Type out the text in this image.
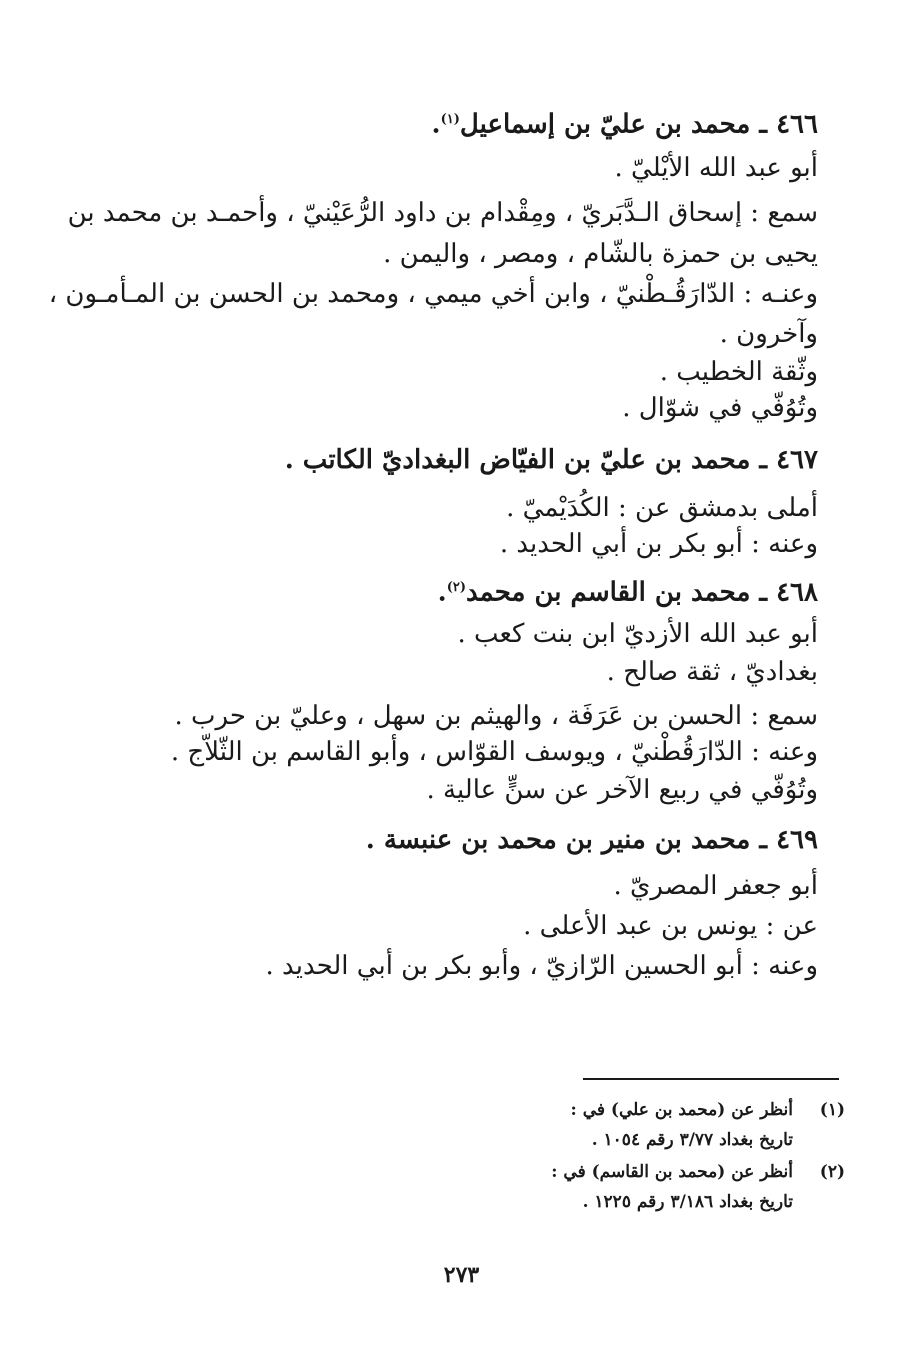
٤٦٦ ـ محمد بن عليّ بن إسماعيل$^{(١)}$.
أبو عبد الله الأيْليّ .
سمع : إسحاق الـدَّبَريّ ، ومِقْدام بن داود الرُّعَيْنيّ ، وأحمـد بن محمد بن
يحيى بن حمزة بالشّام ، ومصر ، واليمن .
وعنـه : الدّارَقُـطْنيّ ، وابن أخي ميمي ، ومحمد بن الحسن بن المـأمـون ،
وآخرون .
وثّقة الخطيب .
وتُوُفّي في شوّال .
٤٦٧ ـ محمد بن عليّ بن الفيّاض البغداديّ الكاتب .
أملى بدمشق عن : الكُدَيْميّ .
وعنه : أبو بكر بن أبي الحديد .
٤٦٨ ـ محمد بن القاسم بن محمد$^{(٢)}$.
أبو عبد الله الأزديّ ابن بنت كعب .
بغداديّ ، ثقة صالح .
سمع : الحسن بن عَرَفَة ، والهيثم بن سهل ، وعليّ بن حرب .
وعنه : الدّارَقُطْنيّ ، ويوسف القوّاس ، وأبو القاسم بن الثّلاّج .
وتُوُفّي في ربيع الآخر عن سنٍّ عالية .
٤٦٩ ـ محمد بن منير بن محمد بن عنبسة .
أبو جعفر المصريّ .
عن : يونس بن عبد الأعلى .
وعنه : أبو الحسين الرّازيّ ، وأبو بكر بن أبي الحديد .
(١)
أنظر عن (محمد بن علي) في :
تاريخ بغداد ٣/٧٧ رقم ١٠٥٤ .
(٢)
أنظر عن (محمد بن القاسم) في :
تاريخ بغداد ٣/١٨٦ رقم ١٢٢٥ .
٢٧٣
